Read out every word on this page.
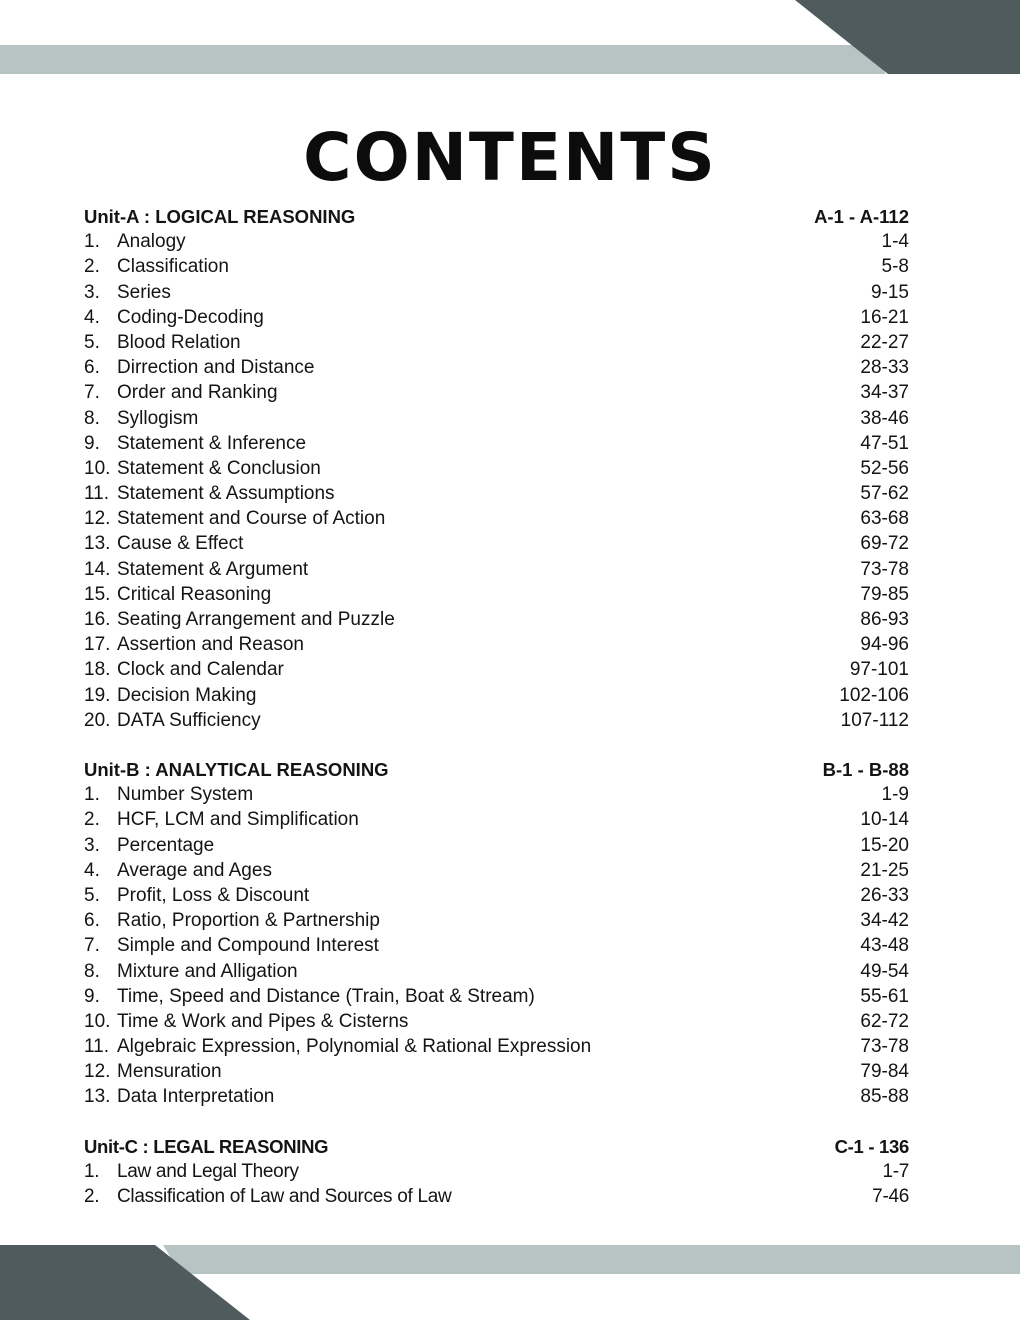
CONTENTS
Unit-A : LOGICAL REASONING	A-1 - A-112
1. Analogy	1-4
2. Classification	5-8
3. Series	9-15
4. Coding-Decoding	16-21
5. Blood Relation	22-27
6. Dirrection and Distance	28-33
7. Order and Ranking	34-37
8. Syllogism	38-46
9. Statement & Inference	47-51
10. Statement & Conclusion	52-56
11. Statement & Assumptions	57-62
12. Statement and Course of Action	63-68
13. Cause & Effect	69-72
14. Statement & Argument	73-78
15. Critical Reasoning	79-85
16. Seating Arrangement and Puzzle	86-93
17. Assertion and Reason	94-96
18. Clock and Calendar	97-101
19. Decision Making	102-106
20. DATA Sufficiency	107-112
Unit-B : ANALYTICAL REASONING	B-1 - B-88
1. Number System	1-9
2. HCF, LCM and Simplification	10-14
3. Percentage	15-20
4. Average and Ages	21-25
5. Profit, Loss & Discount	26-33
6. Ratio, Proportion & Partnership	34-42
7. Simple and Compound Interest	43-48
8. Mixture and Alligation	49-54
9. Time, Speed and Distance (Train, Boat & Stream)	55-61
10. Time & Work and Pipes & Cisterns	62-72
11. Algebraic Expression, Polynomial & Rational Expression	73-78
12. Mensuration	79-84
13. Data Interpretation	85-88
Unit-C : LEGAL REASONING	C-1 - 136
1. Law and Legal Theory	1-7
2. Classification of Law and Sources of Law	7-46
